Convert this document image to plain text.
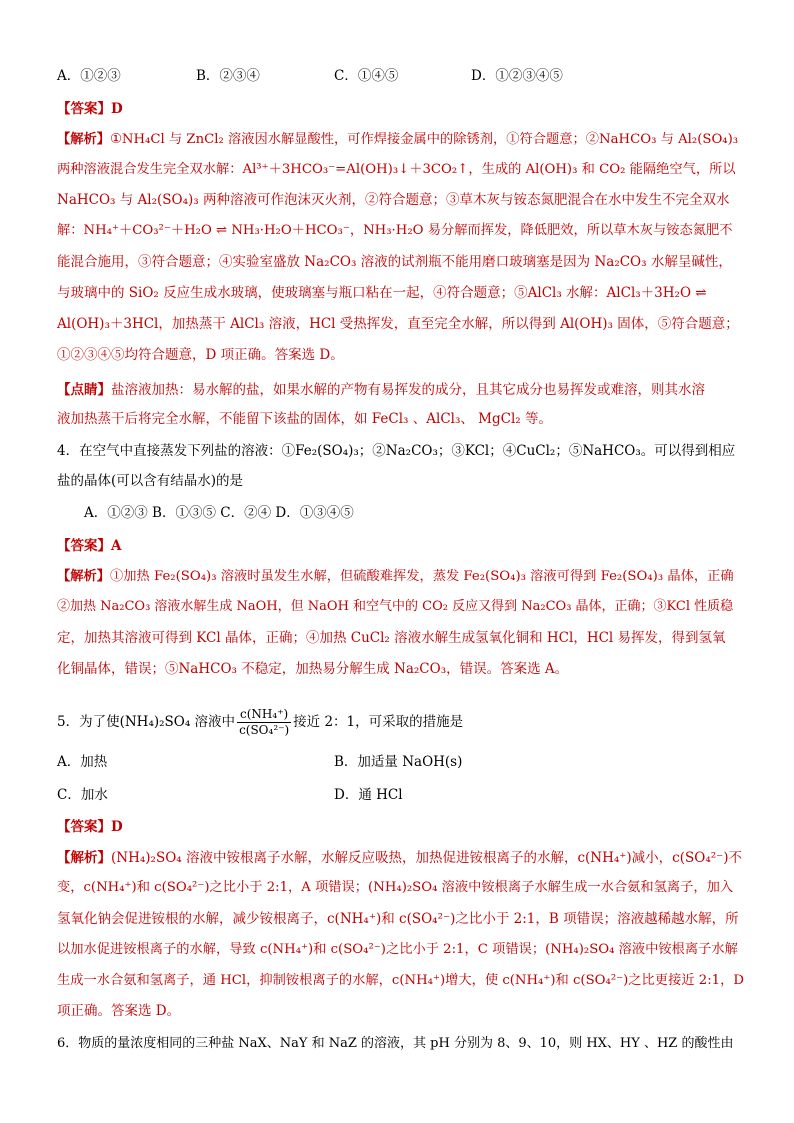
A．①②③	B．②③④	C．①④⑤	D．①②③④⑤
【答案】D
【解析】①NH₄Cl 与 ZnCl₂ 溶液因水解显酸性，可作焊接金属中的除锈剂，①符合题意；②NaHCO₃ 与 Al₂(SO₄)₃
两种溶液混合发生完全双水解：Al³⁺＋3HCO₃⁻=Al(OH)₃↓＋3CO₂↑，生成的 Al(OH)₃ 和 CO₂ 能隔绝空气，所以
NaHCO₃ 与 Al₂(SO₄)₃ 两种溶液可作泡沫灭火剂，②符合题意；③草木灰与铵态氮肥混合在水中发生不完全双水
解：NH₄⁺＋CO₃²⁻＋H₂O ⇌ NH₃·H₂O＋HCO₃⁻，NH₃·H₂O 易分解而挥发，降低肥效，所以草木灰与铵态氮肥不
能混合施用，③符合题意；④实验室盛放 Na₂CO₃ 溶液的试剂瓶不能用磨口玻璃塞是因为 Na₂CO₃ 水解呈碱性，
与玻璃中的 SiO₂ 反应生成水玻璃，使玻璃塞与瓶口粘在一起，④符合题意；⑤AlCl₃ 水解：AlCl₃＋3H₂O ⇌
Al(OH)₃＋3HCl，加热蒸干 AlCl₃ 溶液，HCl 受热挥发，直至完全水解，所以得到 Al(OH)₃ 固体，⑤符合题意；
①②③④⑤均符合题意，D 项正确。答案选 D。
【点睛】盐溶液加热：易水解的盐，如果水解的产物有易挥发的成分，且其它成分也易挥发或难溶，则其水溶
液加热蒸干后将完全水解，不能留下该盐的固体，如 FeCl₃ 、AlCl₃、 MgCl₂ 等。
4．在空气中直接蒸发下列盐的溶液：①Fe₂(SO₄)₃；②Na₂CO₃；③KCl；④CuCl₂；⑤NaHCO₃。可以得到相应
盐的晶体(可以含有结晶水)的是
A．①②③ B．①③⑤ C．②④ D．①③④⑤
【答案】A
【解析】①加热 Fe₂(SO₄)₃ 溶液时虽发生水解，但硫酸难挥发，蒸发 Fe₂(SO₄)₃ 溶液可得到 Fe₂(SO₄)₃ 晶体，正确
②加热 Na₂CO₃ 溶液水解生成 NaOH，但 NaOH 和空气中的 CO₂ 反应又得到 Na₂CO₃ 晶体，正确；③KCl 性质稳
定，加热其溶液可得到 KCl 晶体，正确；④加热 CuCl₂ 溶液水解生成氢氧化铜和 HCl，HCl 易挥发，得到氢氧
化铜晶体，错误；⑤NaHCO₃ 不稳定，加热易分解生成 Na₂CO₃，错误。答案选 A。
5．为了使(NH₄)₂SO₄ 溶液中 $\frac{\text{c(NH₄⁺)}}{\text{c(SO₄²⁻)}}$ 接近 2：1，可采取的措施是
A．加热	B．加适量 NaOH(s)
C．加水	D．通 HCl
【答案】D
【解析】(NH₄)₂SO₄ 溶液中铵根离子水解，水解反应吸热，加热促进铵根离子的水解，c(NH₄⁺)减小，c(SO₄²⁻)不
变，c(NH₄⁺)和 c(SO₄²⁻)之比小于 2:1，A 项错误；(NH₄)₂SO₄ 溶液中铵根离子水解生成一水合氨和氢离子，加入
氢氧化钠会促进铵根的水解，减少铵根离子，c(NH₄⁺)和 c(SO₄²⁻)之比小于 2:1，B 项错误；溶液越稀越水解，所
以加水促进铵根离子的水解，导致 c(NH₄⁺)和 c(SO₄²⁻)之比小于 2:1，C 项错误；(NH₄)₂SO₄ 溶液中铵根离子水解
生成一水合氨和氢离子，通 HCl，抑制铵根离子的水解，c(NH₄⁺)增大，使 c(NH₄⁺)和 c(SO₄²⁻)之比更接近 2:1，D
项正确。答案选 D。
6．物质的量浓度相同的三种盐 NaX、NaY 和 NaZ 的溶液，其 pH 分别为 8、9、10，则 HX、HY 、HZ 的酸性由
